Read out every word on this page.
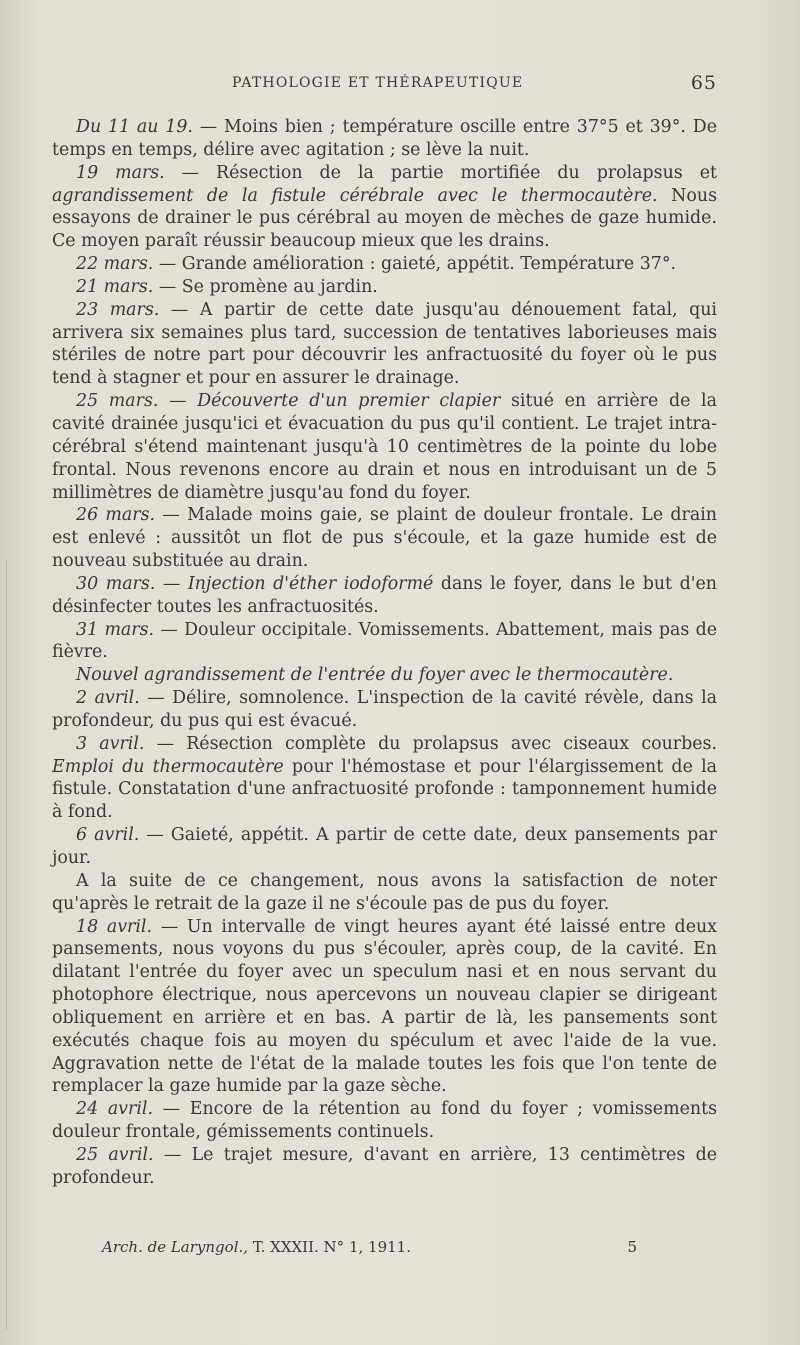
PATHOLOGIE ET THÉRAPEUTIQUE	65

Du 11 au 19. — Moins bien ; température oscille entre 37°5 et 39°. De temps en temps, délire avec agitation ; se lève la nuit.

19 mars. — Résection de la partie mortifiée du prolapsus et agrandissement de la fistule cérébrale avec le thermocautère. Nous essayons de drainer le pus cérébral au moyen de mèches de gaze humide. Ce moyen paraît réussir beaucoup mieux que les drains.

22 mars. — Grande amélioration : gaieté, appétit. Température 37°.

21 mars. — Se promène au jardin.

23 mars. — A partir de cette date jusqu'au dénouement fatal, qui arrivera six semaines plus tard, succession de tentatives laborieuses mais stériles de notre part pour découvrir les anfractuosité du foyer où le pus tend à stagner et pour en assurer le drainage.

25 mars. — Découverte d'un premier clapier situé en arrière de la cavité drainée jusqu'ici et évacuation du pus qu'il contient. Le trajet intra-cérébral s'étend maintenant jusqu'à 10 centimètres de la pointe du lobe frontal. Nous revenons encore au drain et nous en introduisant un de 5 millimètres de diamètre jusqu'au fond du foyer.

26 mars. — Malade moins gaie, se plaint de douleur frontale. Le drain est enlevé : aussitôt un flot de pus s'écoule, et la gaze humide est de nouveau substituée au drain.

30 mars. — Injection d'éther iodoformé dans le foyer, dans le but d'en désinfecter toutes les anfractuosités.

31 mars. — Douleur occipitale. Vomissements. Abattement, mais pas de fièvre.

Nouvel agrandissement de l'entrée du foyer avec le thermocautère.

2 avril. — Délire, somnolence. L'inspection de la cavité révèle, dans la profondeur, du pus qui est évacué.

3 avril. — Résection complète du prolapsus avec ciseaux courbes. Emploi du thermocautère pour l'hémostase et pour l'élargissement de la fistule. Constatation d'une anfractuosité profonde : tamponnement humide à fond.

6 avril. — Gaieté, appétit. A partir de cette date, deux pansements par jour.

A la suite de ce changement, nous avons la satisfaction de noter qu'après le retrait de la gaze il ne s'écoule pas de pus du foyer.

18 avril. — Un intervalle de vingt heures ayant été laissé entre deux pansements, nous voyons du pus s'écouler, après coup, de la cavité. En dilatant l'entrée du foyer avec un speculum nasi et en nous servant du photophore électrique, nous apercevons un nouveau clapier se dirigeant obliquement en arrière et en bas. A partir de là, les pansements sont exécutés chaque fois au moyen du spéculum et avec l'aide de la vue. Aggravation nette de l'état de la malade toutes les fois que l'on tente de remplacer la gaze humide par la gaze sèche.

24 avril. — Encore de la rétention au fond du foyer ; vomissements douleur frontale, gémissements continuels.

25 avril. — Le trajet mesure, d'avant en arrière, 13 centimètres de profondeur.

Arch. de Laryngol., T. XXXII. N° 1, 1911.	5
